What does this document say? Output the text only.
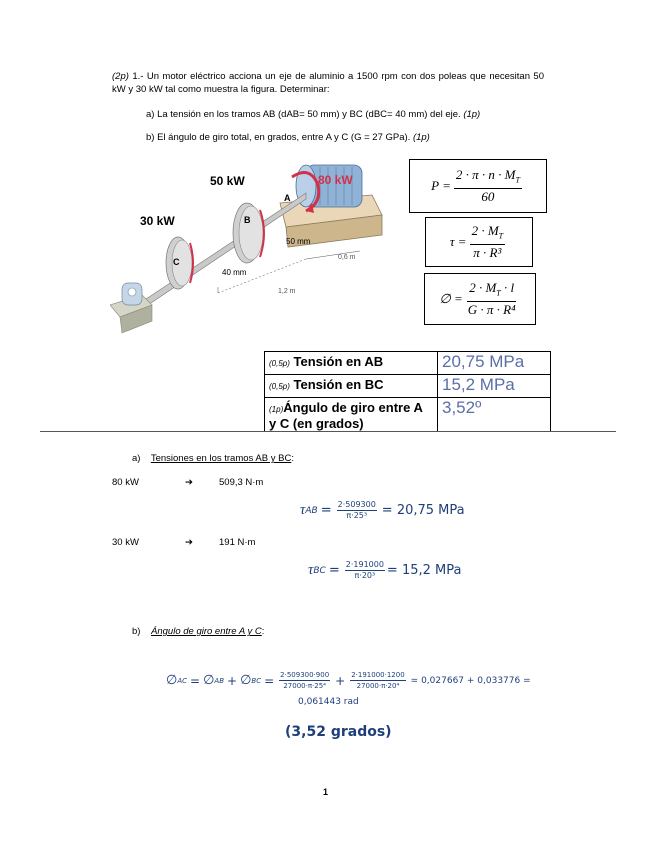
(2p) 1.- Un motor eléctrico acciona un eje de aluminio a 1500 rpm con dos poleas que necesitan 50 kW y 30 kW tal como muestra la figura. Determinar:
a) La tensión en los tramos AB (dAB= 50 mm) y BC (dBC= 40 mm) del eje. (1p)
b) El ángulo de giro total, en grados, entre A y C (G = 27 GPa). (1p)
50 kW	80 kW
30 kW
A
B
C
50 mm
40 mm
0,6 m
1,2 m
$P = \frac{2 \cdot \pi \cdot n \cdot M_T}{60}$
$\tau = \frac{2 \cdot M_T}{\text{π · R³}}$
∅ = $\frac{2 \cdot M_T \cdot l}{\text{G · π · R⁴}}$
(0,5p) Tensión en AB	20,75 MPa
(0,5p) Tensión en BC	15,2 MPa
(1p)Ángulo de giro entre A y C (en grados)	3,52º
a) Tensiones en los tramos AB y BC:
80 kW	➔	509,3 N·m
τ AB = $\frac{2\cdot 509300}{\text{π·25³}} = 20,75$ MPa
30 kW	➔	191 N·m
τ BC = $\frac{2\cdot 191000}{\text{π·20³}} = 15,2$ MPa
b) Ángulo de giro entre A y C:
∅ AC = ∅ AB + ∅ BC = $\frac{2\cdot 509300\cdot 900}{\text{27000·π·25⁴}} + \frac{2\cdot 191000\cdot 1200}{\text{27000·π·20⁴}} = 0,027667 + 0,033776$ =
0,061443 rad
(3,52 grados)
1
